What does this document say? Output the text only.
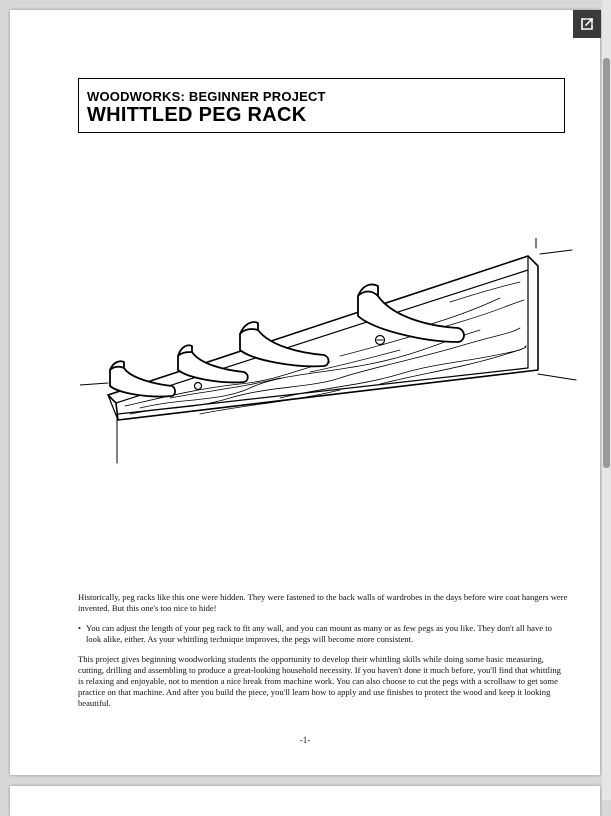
WOODWORKS: BEGINNER PROJECT
WHITTLED PEG RACK

Historically, peg racks like this one were hidden. They were fastened to the back walls of wardrobes in the days before wire coat hangers were invented. But this one's too nice to hide!

• You can adjust the length of your peg rack to fit any wall, and you can mount as many or as few pegs as you like. They don't all have to look alike, either. As your whittling technique improves, the pegs will become more consistent.

This project gives beginning woodworking students the opportunity to develop their whittling skills while doing some basic measuring, cutting, drilling and assembling to produce a great-looking household necessity. If you haven't done it much before, you'll find that whittling is relaxing and enjoyable, not to mention a nice break from machine work. You can also choose to cut the pegs with a scrollsaw to get some practice on that machine. And after you build the piece, you'll learn how to apply and use finishes to protect the wood and keep it looking beautiful.

-1-
